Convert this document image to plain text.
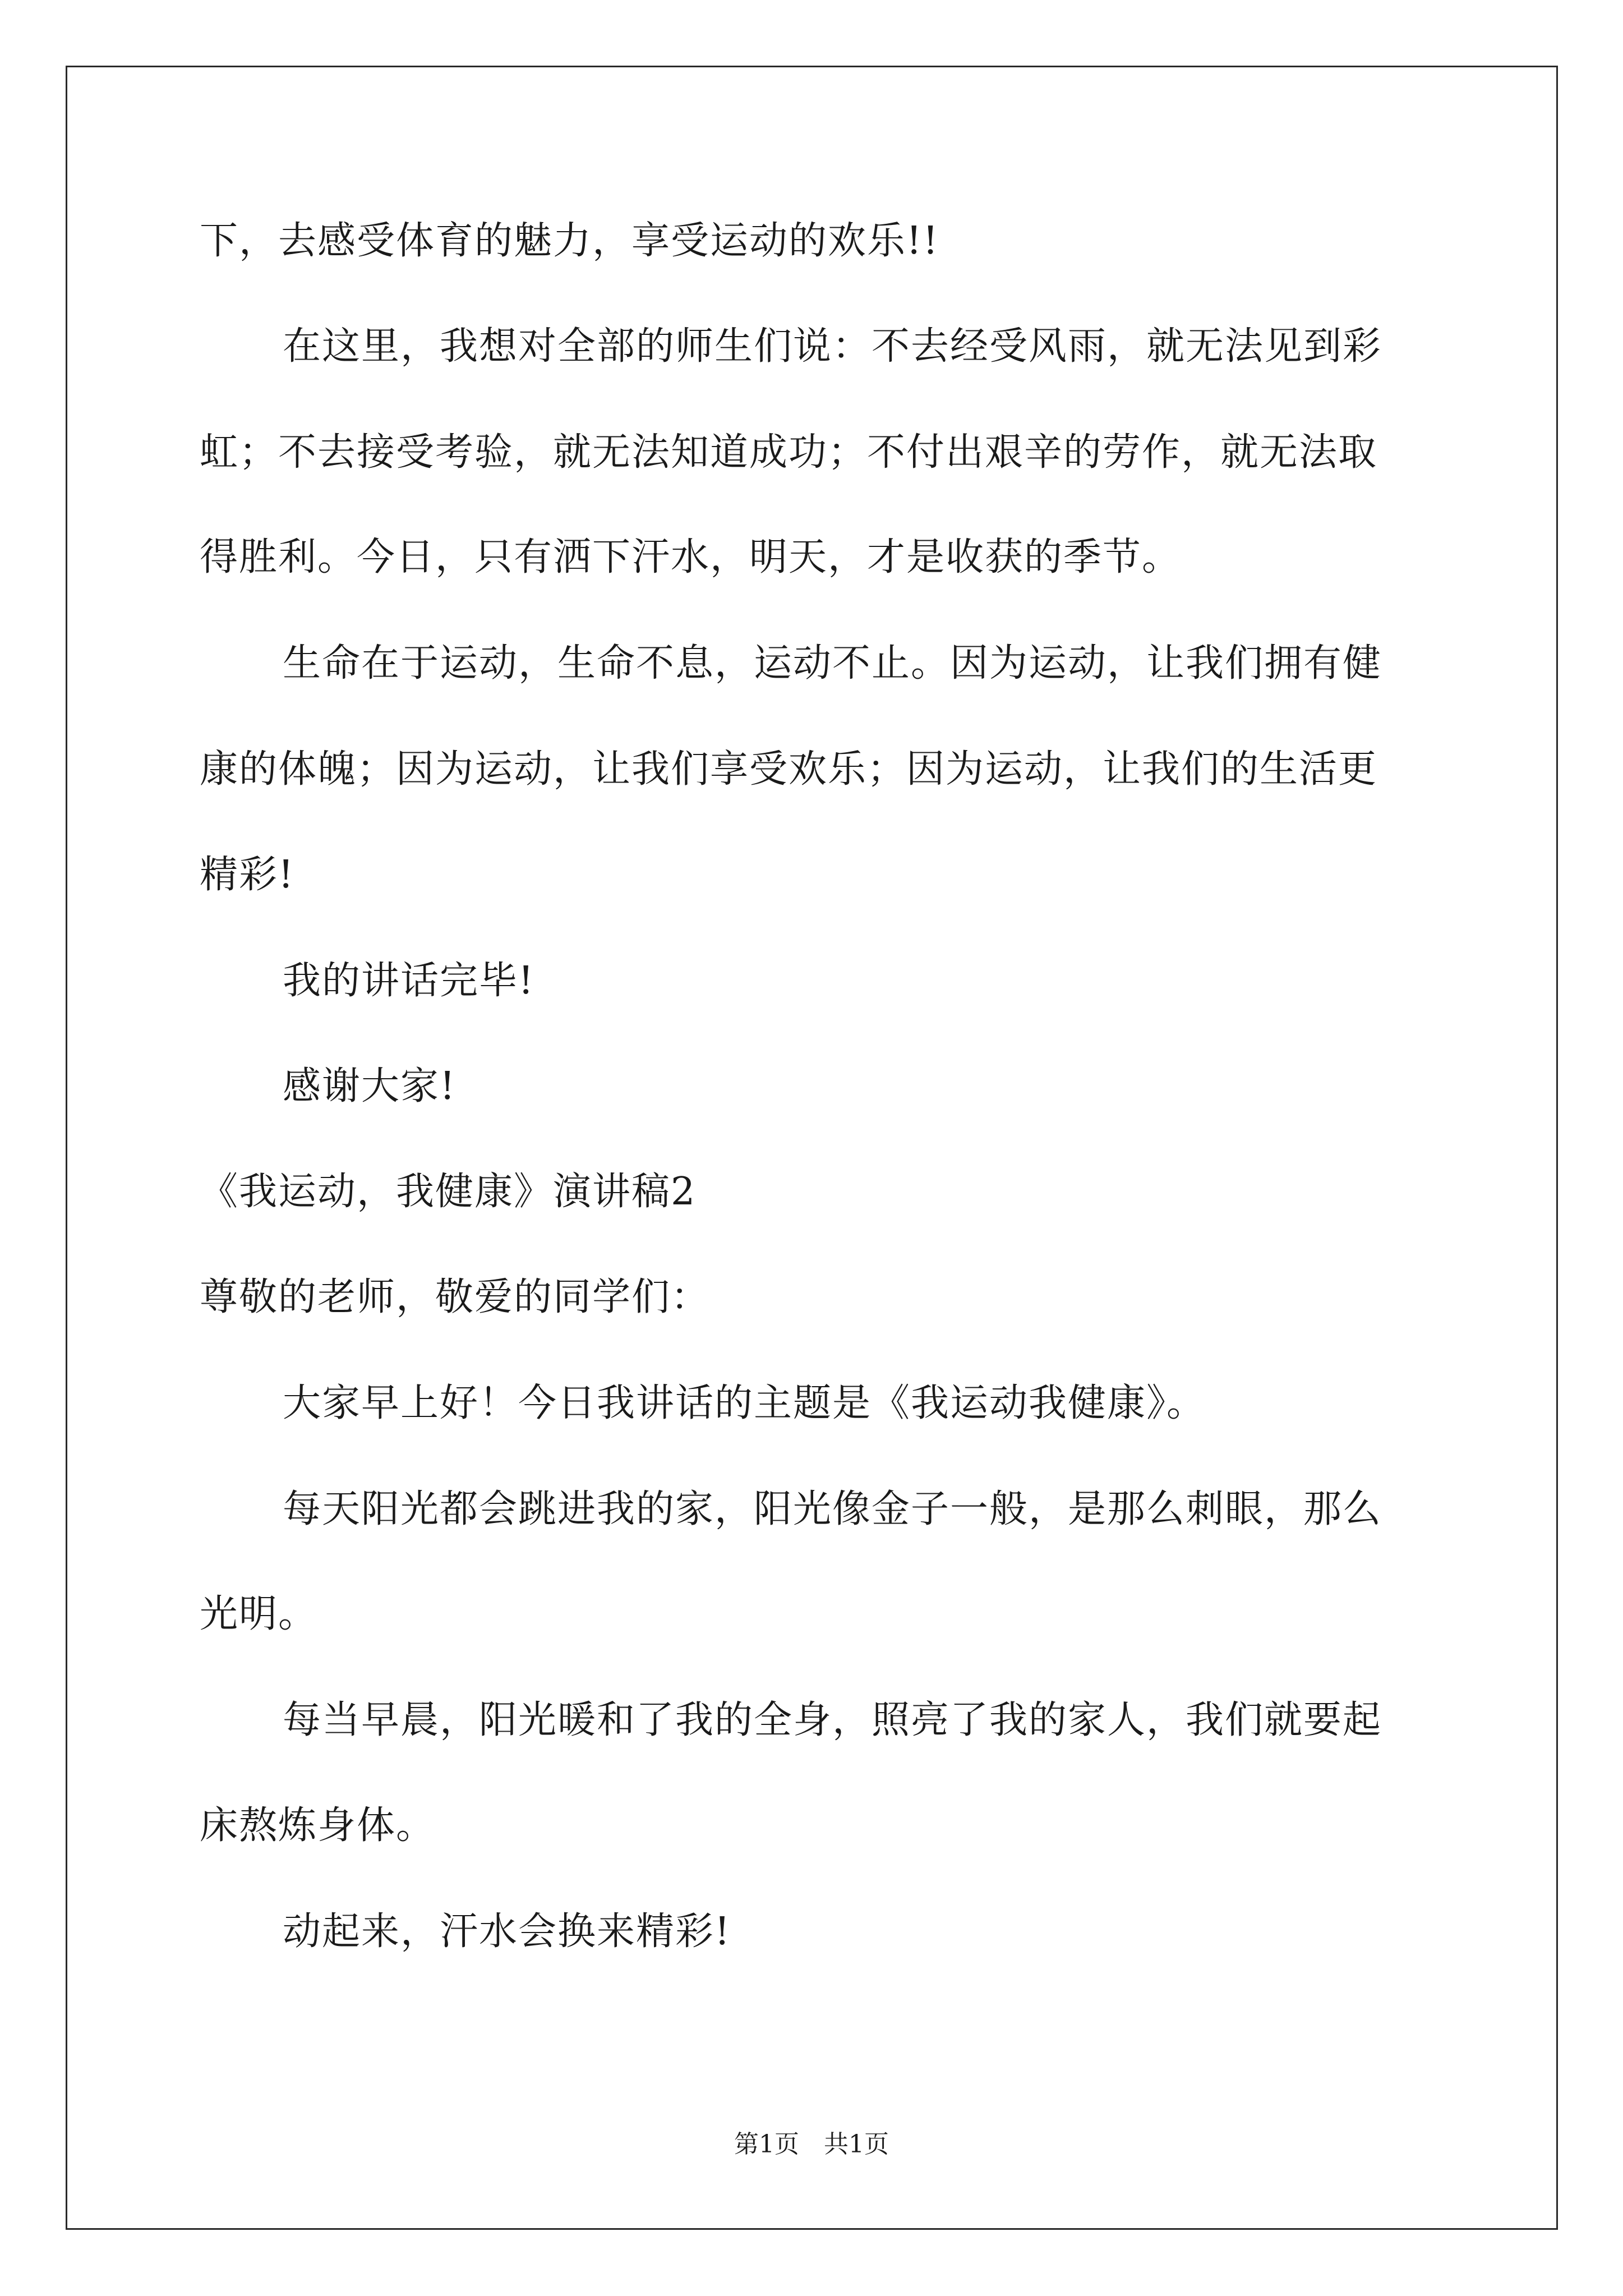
下，去感受体育的魅力，享受运动的欢乐!!
在这里，我想对全部的师生们说：不去经受风雨，就无法见到彩
虹；不去接受考验，就无法知道成功；不付出艰辛的劳作，就无法取
得胜利。今日，只有洒下汗水，明天，才是收获的季节。
生命在于运动，生命不息，运动不止。因为运动，让我们拥有健
康的体魄；因为运动，让我们享受欢乐；因为运动，让我们的生活更
精彩!
我的讲话完毕!
感谢大家!
《我运动，我健康》演讲稿2
尊敬的老师，敬爱的同学们：
大家早上好！今日我讲话的主题是《我运动我健康》。
每天阳光都会跳进我的家，阳光像金子一般，是那么刺眼，那么
光明。
每当早晨，阳光暖和了我的全身，照亮了我的家人，我们就要起
床熬炼身体。
动起来，汗水会换来精彩!
第1页　共1页
